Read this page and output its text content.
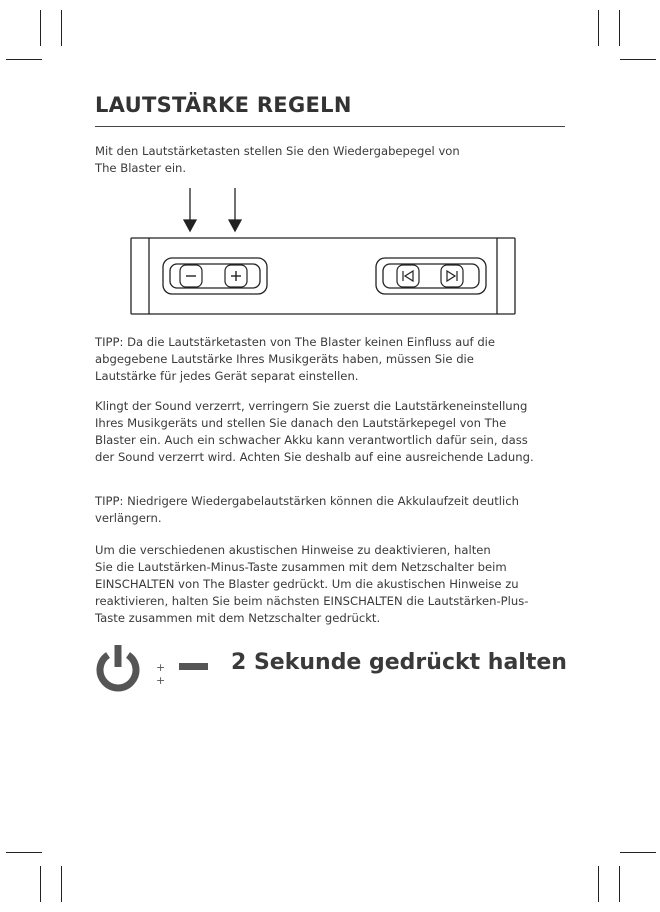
LAUTSTÄRKE REGELN

Mit den Lautstärketasten stellen Sie den Wiedergabepegel von
The Blaster ein.

TIPP: Da die Lautstärketasten von The Blaster keinen Einfluss auf die
abgegebene Lautstärke Ihres Musikgeräts haben, müssen Sie die
Lautstärke für jedes Gerät separat einstellen.

Klingt der Sound verzerrt, verringern Sie zuerst die Lautstärkeneinstellung
Ihres Musikgeräts und stellen Sie danach den Lautstärkepegel von The
Blaster ein. Auch ein schwacher Akku kann verantwortlich dafür sein, dass
der Sound verzerrt wird. Achten Sie deshalb auf eine ausreichende Ladung.

TIPP: Niedrigere Wiedergabelautstärken können die Akkulaufzeit deutlich
verlängern.

Um die verschiedenen akustischen Hinweise zu deaktivieren, halten
Sie die Lautstärken-Minus-Taste zusammen mit dem Netzschalter beim
EINSCHALTEN von The Blaster gedrückt. Um die akustischen Hinweise zu
reaktivieren, halten Sie beim nächsten EINSCHALTEN die Lautstärken-Plus-
Taste zusammen mit dem Netzschalter gedrückt.

+
+
2 Sekunde gedrückt halten
